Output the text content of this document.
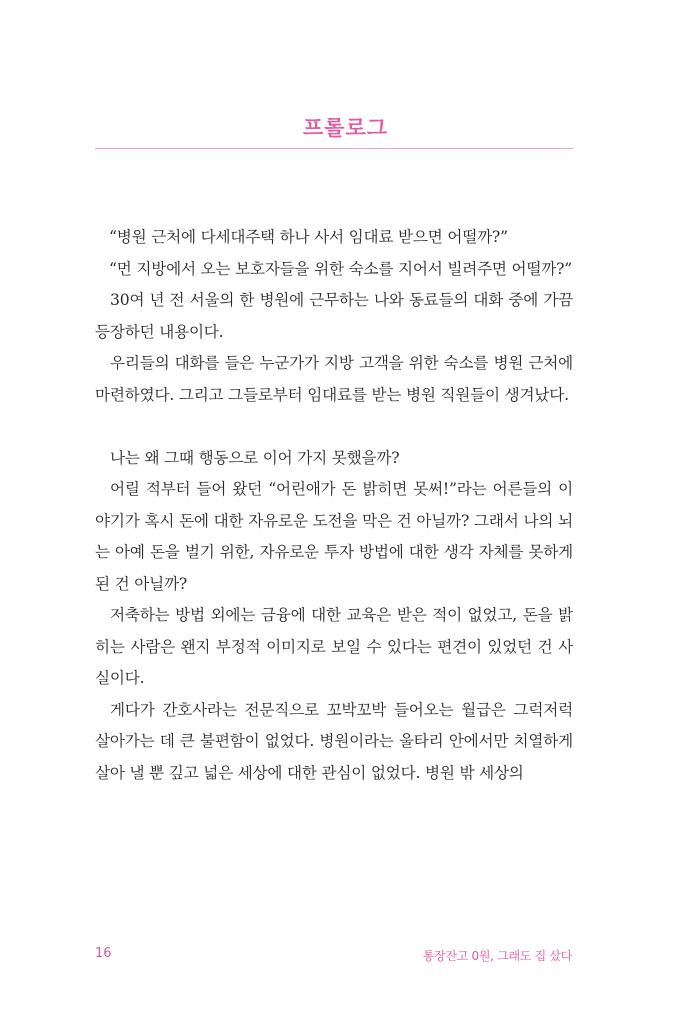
프롤로그

“병원 근처에 다세대주택 하나 사서 임대료 받으면 어떨까?”

“먼 지방에서 오는 보호자들을 위한 숙소를 지어서 빌려주면 어떨까?”

30여 년 전 서울의 한 병원에 근무하는 나와 동료들의 대화 중에 가끔 등장하던 내용이다.

우리들의 대화를 들은 누군가가 지방 고객을 위한 숙소를 병원 근처에 마련하였다. 그리고 그들로부터 임대료를 받는 병원 직원들이 생겨났다.

나는 왜 그때 행동으로 이어 가지 못했을까?

어릴 적부터 들어 왔던 “어린애가 돈 밝히면 못써!”라는 어른들의 이야기가 혹시 돈에 대한 자유로운 도전을 막은 건 아닐까? 그래서 나의 뇌는 아예 돈을 벌기 위한, 자유로운 투자 방법에 대한 생각 자체를 못하게 된 건 아닐까?

저축하는 방법 외에는 금융에 대한 교육은 받은 적이 없었고, 돈을 밝히는 사람은 왠지 부정적 이미지로 보일 수 있다는 편견이 있었던 건 사실이다.

게다가 간호사라는 전문직으로 꼬박꼬박 들어오는 월급은 그럭저럭 살아가는 데 큰 불편함이 없었다. 병원이라는 울타리 안에서만 치열하게 살아 낼 뿐 깊고 넓은 세상에 대한 관심이 없었다. 병원 밖 세상의

16	통장잔고 0원, 그래도 집 샀다
